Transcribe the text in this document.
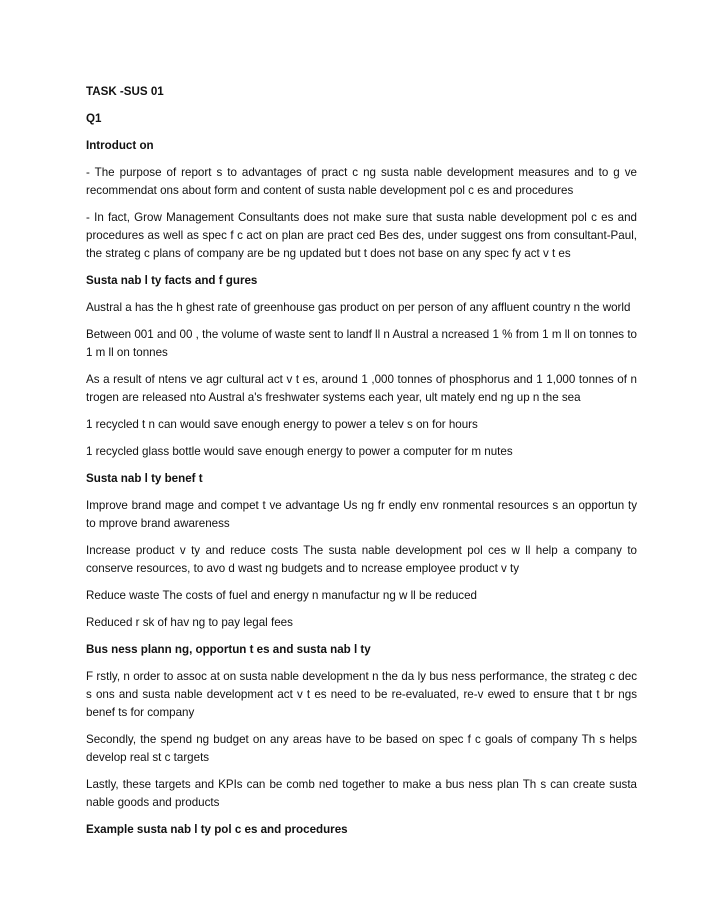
TASK -SUS 01
Q1
Introduct on
- The purpose of report s to advantages of pract c ng susta nable development measures and to g ve recommendat ons about form and content of susta nable development pol c es and procedures
- In fact, Grow Management Consultants does not make sure that susta nable development pol c es and procedures as well as spec f c act on plan are pract ced Bes des, under suggest ons from consultant-Paul, the strateg c plans of company are be ng updated but t does not base on any spec fy act v t es
Susta nab l ty facts and f gures
Austral a has the h ghest rate of greenhouse gas product on per person of any affluent country n the world
Between 001 and 00 , the volume of waste sent to landf ll n Austral a ncreased 1 % from 1 m ll on tonnes to 1 m ll on tonnes
As a result of ntens ve agr cultural act v t es, around 1 ,000 tonnes of phosphorus and 1 1,000 tonnes of n trogen are released nto Austral a's freshwater systems each year, ult mately end ng up n the sea
1 recycled t n can would save enough energy to power a telev s on for hours
1 recycled glass bottle would save enough energy to power a computer for m nutes
Susta nab l ty benef t
Improve brand mage and compet t ve advantage Us ng fr endly env ronmental resources s an opportun ty to mprove brand awareness
Increase product v ty and reduce costs The susta nable development pol ces w ll help a company to conserve resources, to avo d wast ng budgets and to ncrease employee product v ty
Reduce waste The costs of fuel and energy n manufactur ng w ll be reduced
Reduced r sk of hav ng to pay legal fees
Bus ness plann ng, opportun t es and susta nab l ty
F rstly, n order to assoc at on susta nable development n the da ly bus ness performance, the strateg c dec s ons and susta nable development act v t es need to be re-evaluated, re-v ewed to ensure that t br ngs benef ts for company
Secondly, the spend ng budget on any areas have to be based on spec f c goals of company Th s helps develop real st c targets
Lastly, these targets and KPIs can be comb ned together to make a bus ness plan Th s can create susta nable goods and products
Example susta nab l ty pol c es and procedures
